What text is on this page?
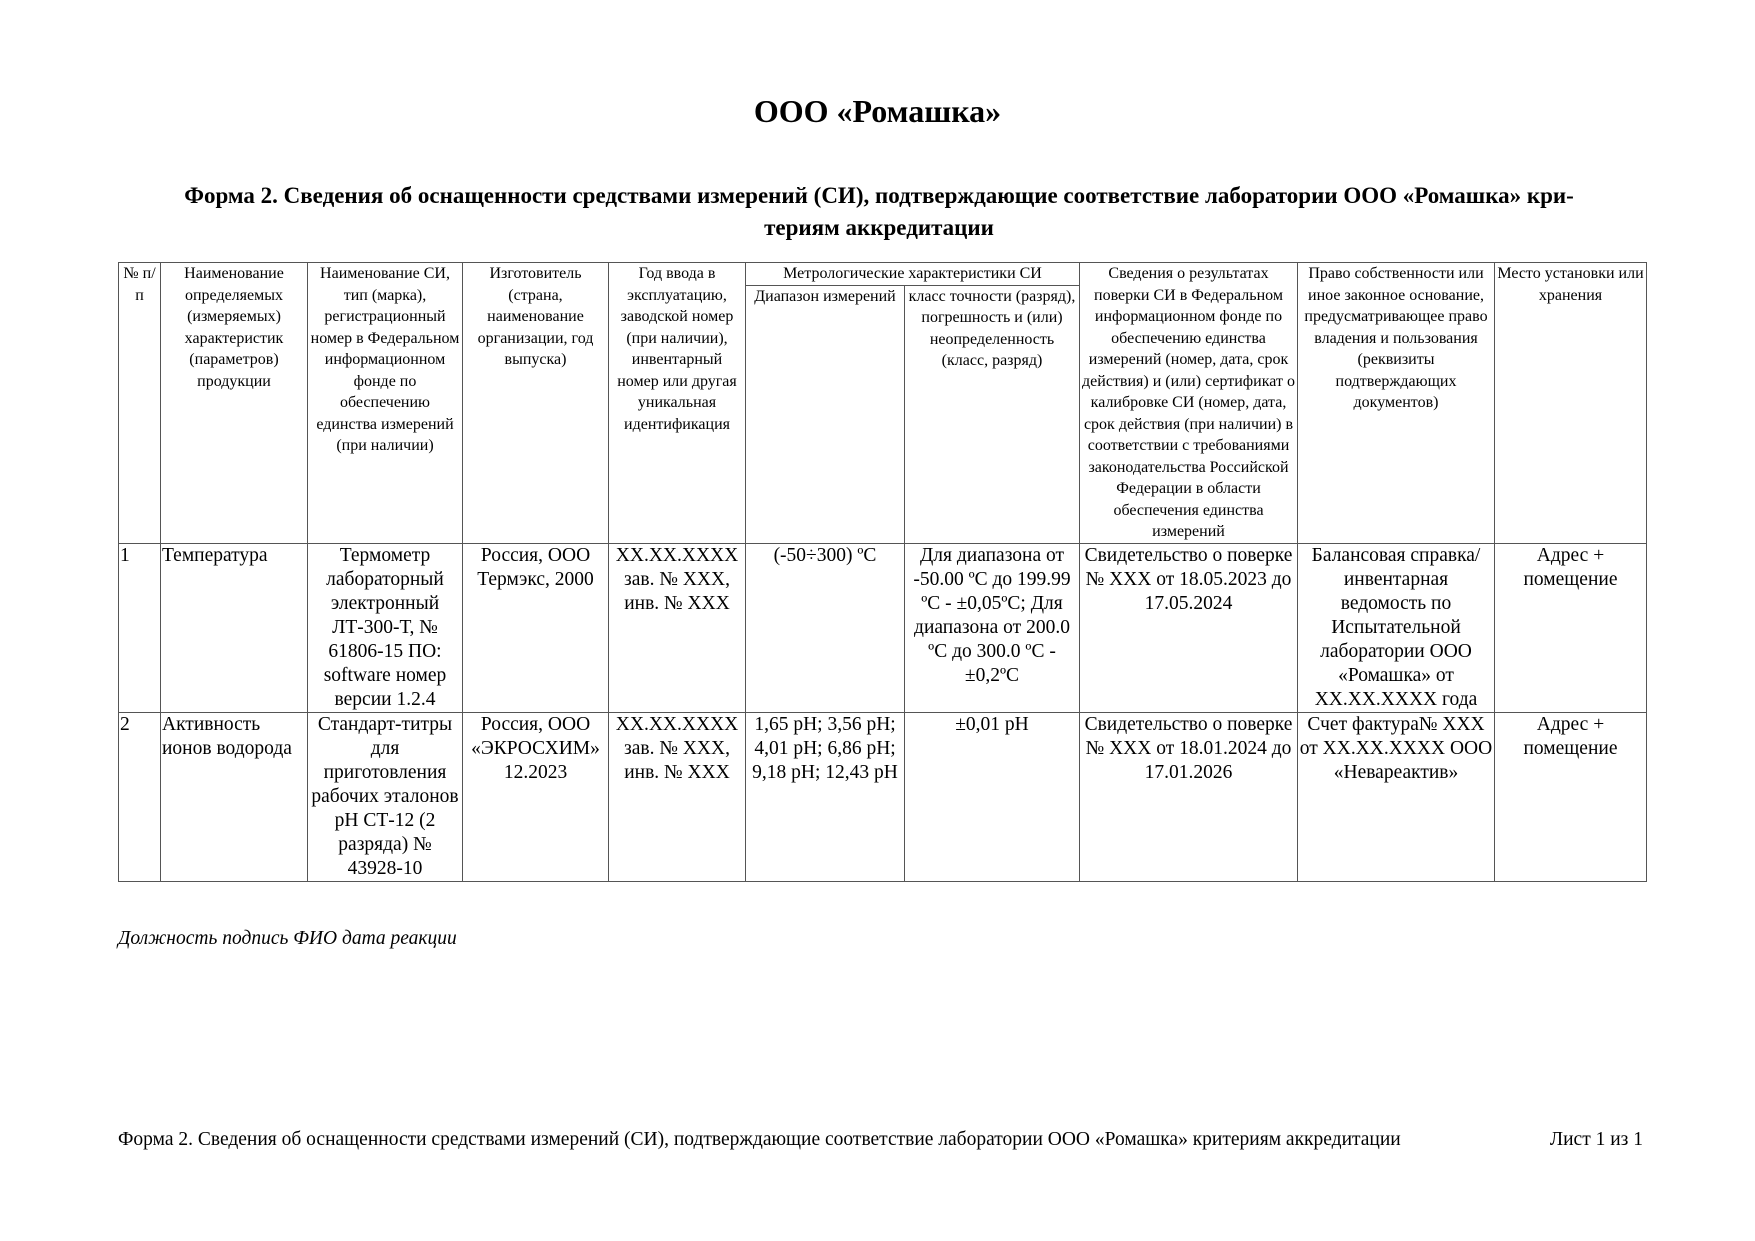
ООО «Ромашка»
Форма 2. Сведения об оснащенности средствами измерений (СИ), подтверждающие соответствие лаборатории ООО «Ромашка» кри-
териям аккредитации
№ п/п	Наименование определяемых (измеряемых) характеристик (параметров) продукции	Наименование СИ, тип (марка), регистрационный номер в Федеральном информационном фонде по обеспечению единства измерений (при наличии)	Изготовитель (страна, наименование организации, год выпуска)	Год ввода в эксплуатацию, заводской номер (при наличии), инвентарный номер или другая уникальная идентификация	Метрологические характеристики СИ		Сведения о результатах поверки СИ в Федеральном информационном фонде по обеспечению единства измерений (номер, дата, срок действия) и (или) сертификат о калибровке СИ (номер, дата, срок действия (при наличии) в соответствии с требованиями законодательства Российской Федерации в области обеспечения единства измерений	Право собственности или иное законное основание, предусматривающее право владения и пользования (реквизиты подтверждающих документов)	Место установки или хранения
					Диапазон измерений	класс точности (разряд), погрешность и (или) неопределенность (класс, разряд)			
1	Температура	Термометр лабораторный электронный ЛТ-300-Т, № 61806-15 ПО: software номер версии 1.2.4	Россия, ООО Термэкс, 2000	ХХ.ХХ.ХХХХ зав. № ХХХ, инв. № ХХХ	(-50÷300) ºС	Для диапазона от -50.00 ºС до 199.99 ºС - ±0,05ºС; Для диапазона от 200.0 ºС до 300.0 ºС - ±0,2ºС	Свидетельство о поверке № ХХХ от 18.05.2023 до 17.05.2024	Балансовая справка/инвентарная ведомость по Испытательной лаборатории ООО «Ромашка» от ХХ.ХХ.ХХХХ года	Адрес + помещение
2	Активность ионов водорода	Стандарт-титры для приготовления рабочих эталонов рН СТ-12 (2 разряда) № 43928-10	Россия, ООО «ЭКРОСХИМ» 12.2023	ХХ.ХХ.ХХХХ зав. № ХХХ, инв. № ХХХ	1,65 рН; 3,56 рН; 4,01 рН; 6,86 рН; 9,18 рН; 12,43 рН	±0,01 рН	Свидетельство о поверке № ХХХ от 18.01.2024 до 17.01.2026	Счет фактура№ ХХХ от ХХ.ХХ.ХХХХ ООО «Невареактив»	Адрес + помещение
Должность подпись ФИО дата реакции
Форма 2. Сведения об оснащенности средствами измерений (СИ), подтверждающие соответствие лаборатории ООО «Ромашка» критериям аккредитации	Лист 1 из 1
